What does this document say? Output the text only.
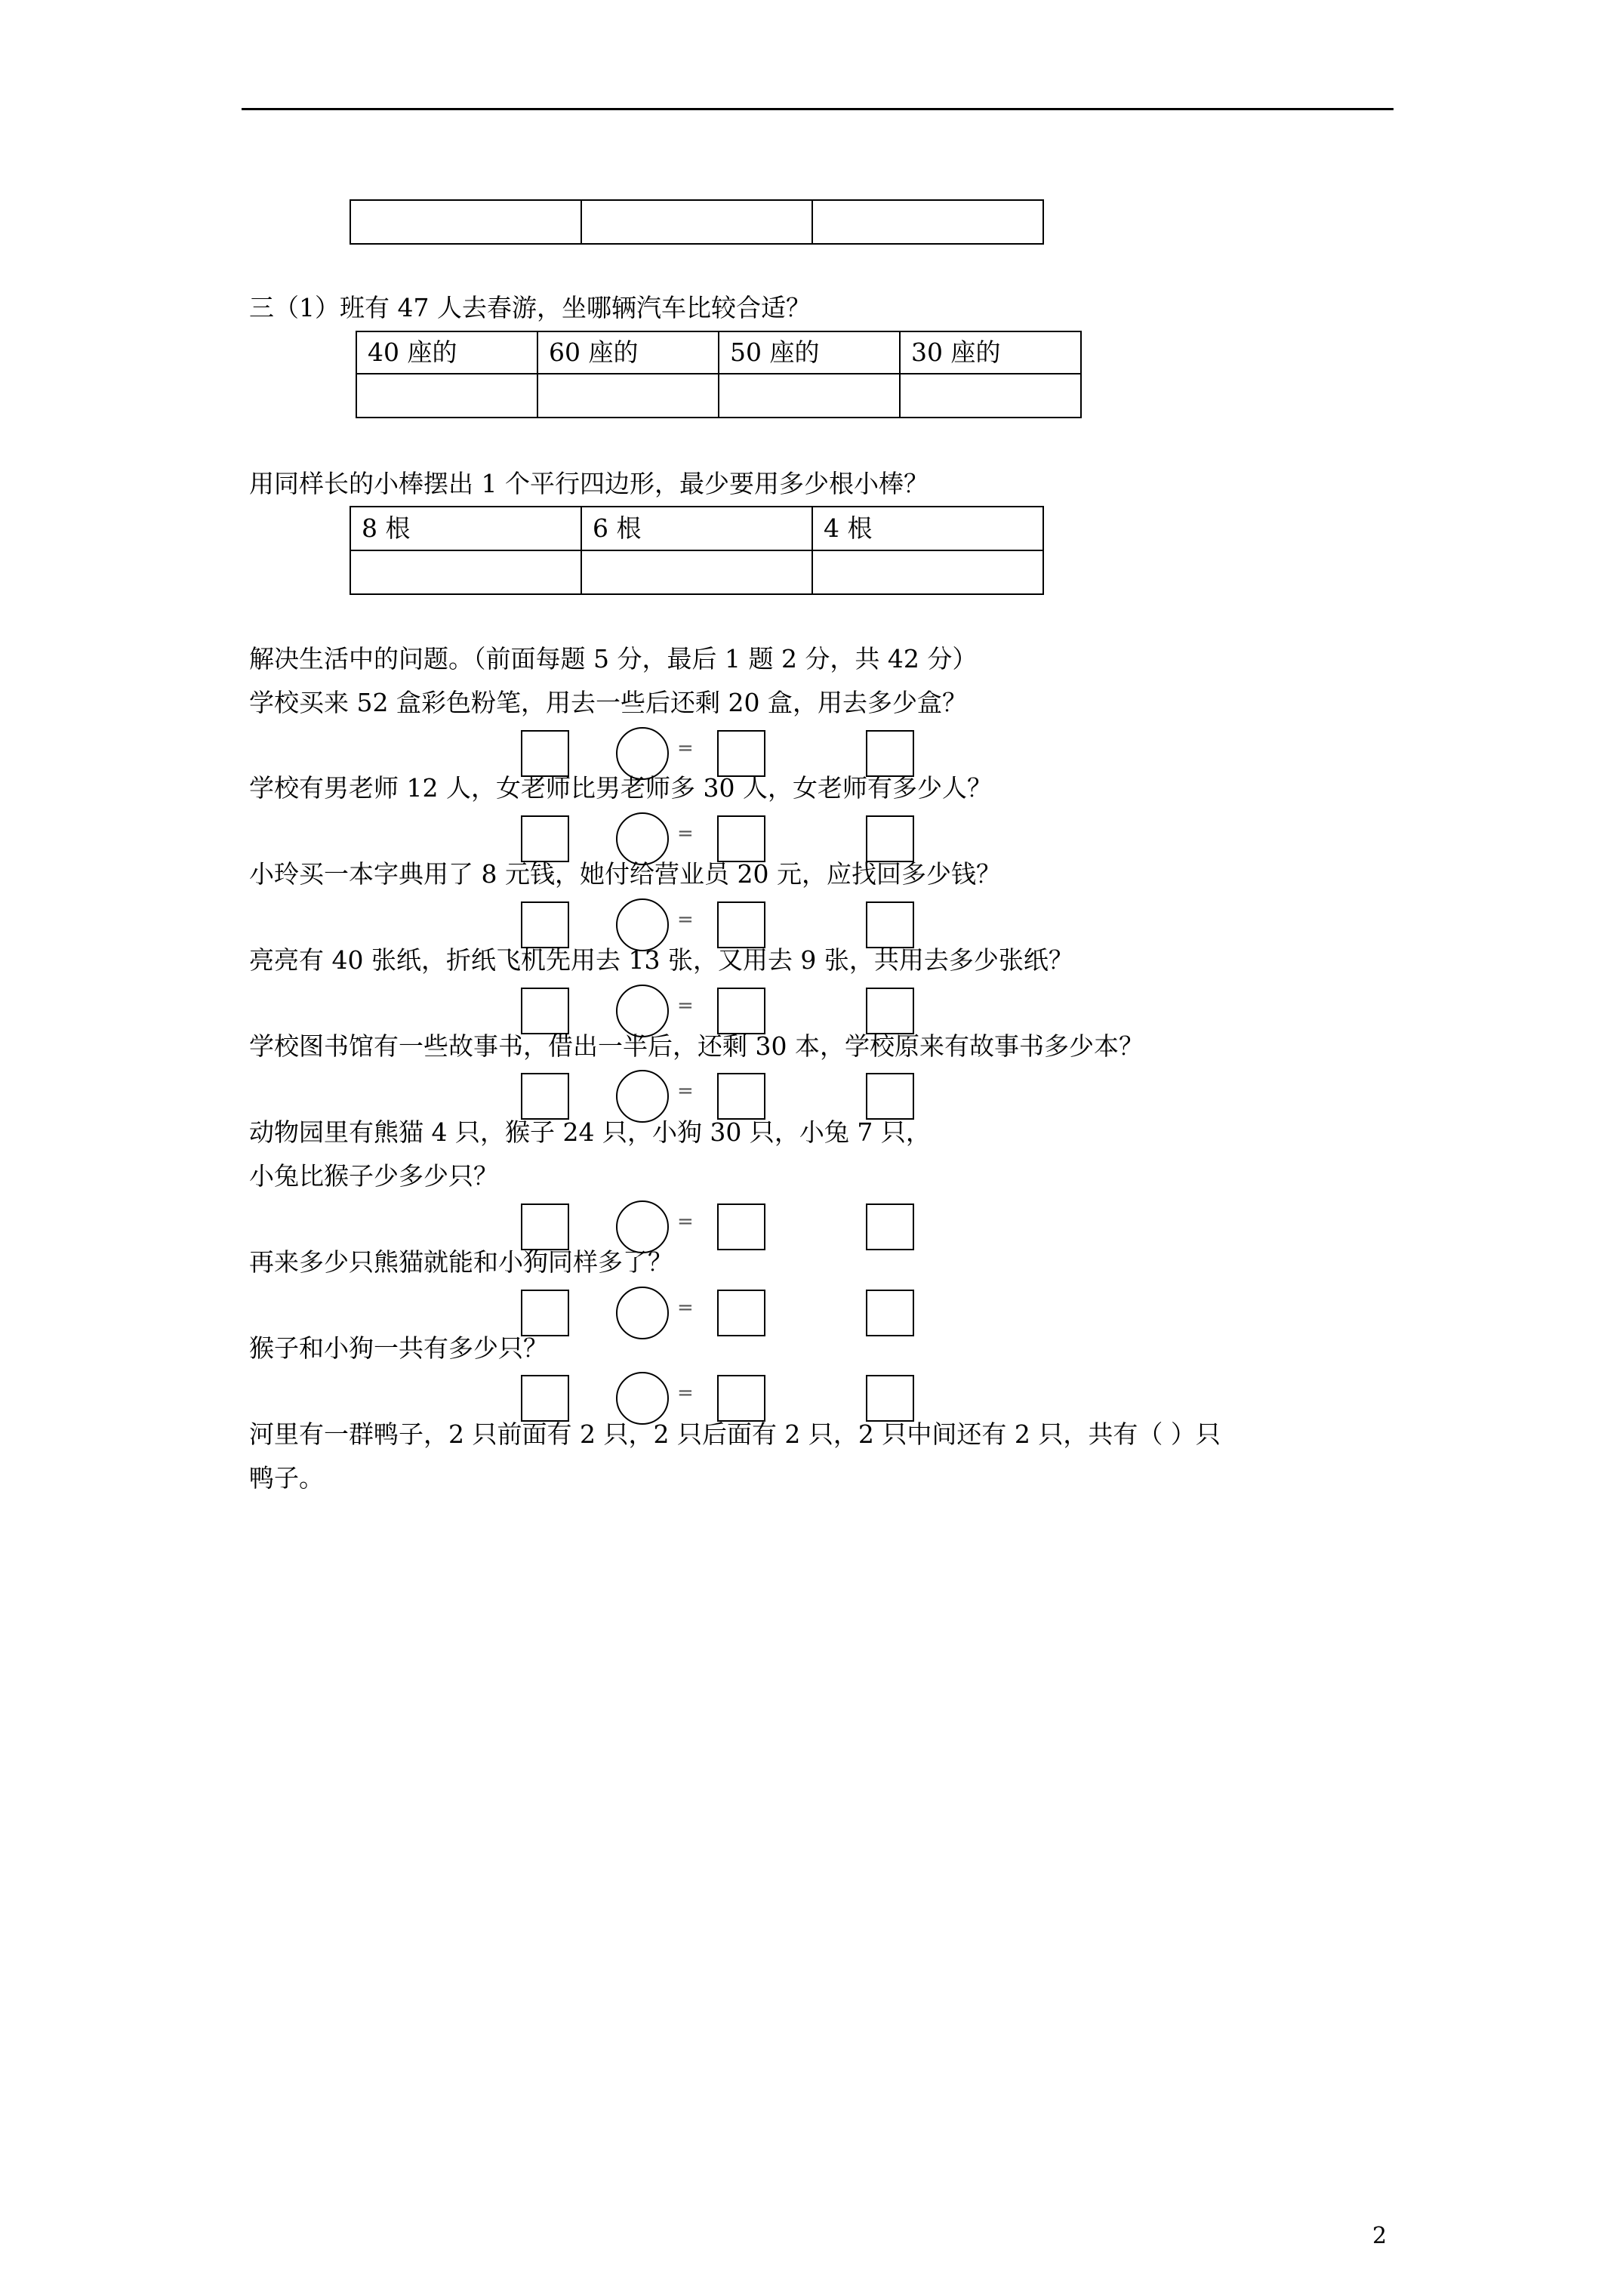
三（1）班有 47 人去春游，坐哪辆汽车比较合适？
40 座的	60 座的	50 座的	30 座的

用同样长的小棒摆出 1 个平行四边形，最少要用多少根小棒？
8 根	6 根	4 根

解决生活中的问题。（前面每题 5 分，最后 1 题 2 分，共 42 分）
学校买来 52 盒彩色粉笔，用去一些后还剩 20 盒，用去多少盒？
学校有男老师 12 人，女老师比男老师多 30 人，女老师有多少人？
小玲买一本字典用了 8 元钱，她付给营业员 20 元，应找回多少钱？
亮亮有 40 张纸，折纸飞机先用去 13 张，又用去 9 张，共用去多少张纸？
学校图书馆有一些故事书，借出一半后，还剩 30 本，学校原来有故事书多少本？
动物园里有熊猫 4 只，猴子 24 只，小狗 30 只，小兔 7 只，
小兔比猴子少多少只？
再来多少只熊猫就能和小狗同样多了？
猴子和小狗一共有多少只？
河里有一群鸭子，2 只前面有 2 只，2 只后面有 2 只，2 只中间还有 2 只，共有（ ）只
鸭子。
=
=
=
=
=
=
=
=
2
